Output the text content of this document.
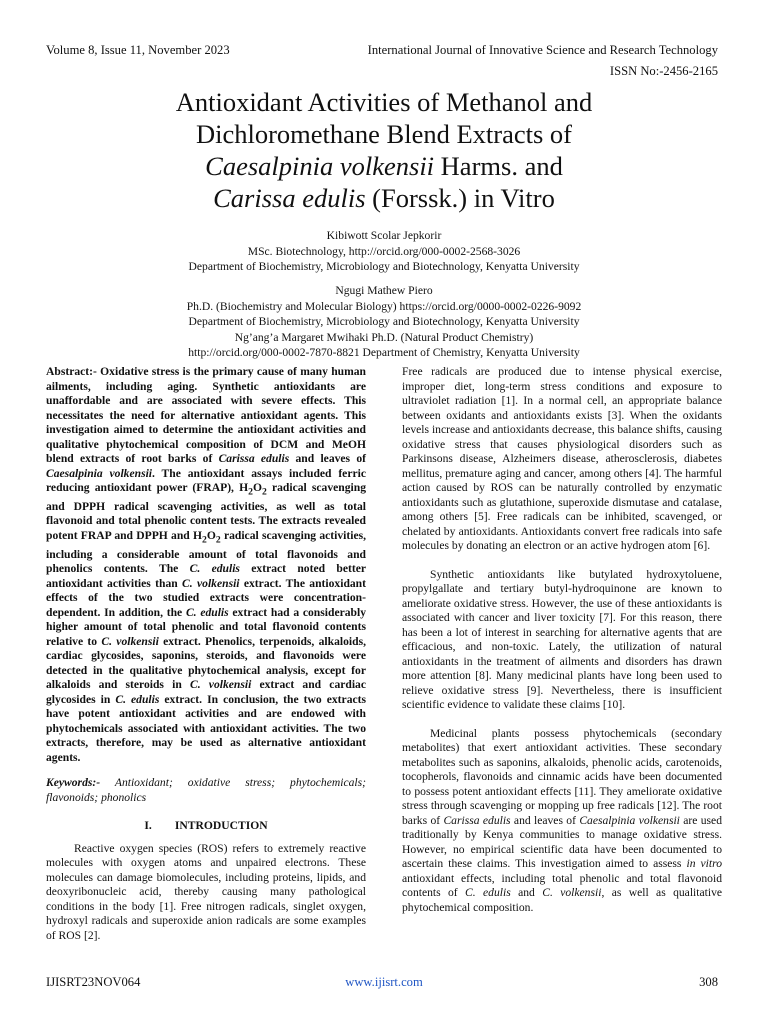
Volume 8, Issue 11, November 2023	International Journal of Innovative Science and Research Technology
ISSN No:-2456-2165
Antioxidant Activities of Methanol and
Dichloromethane Blend Extracts of
Caesalpinia volkensii Harms. and
Carissa edulis (Forssk.) in Vitro
Kibiwott Scolar Jepkorir
MSc. Biotechnology, http://orcid.org/000-0002-2568-3026
Department of Biochemistry, Microbiology and Biotechnology, Kenyatta University
Ngugi Mathew Piero
Ph.D. (Biochemistry and Molecular Biology) https://orcid.org/0000-0002-0226-9092
Department of Biochemistry, Microbiology and Biotechnology, Kenyatta University
Ng’ang’a Margaret Mwihaki Ph.D. (Natural Product Chemistry)
http://orcid.org/000-0002-7870-8821 Department of Chemistry, Kenyatta University

Abstract:- Oxidative stress is the primary cause of many human ailments, including aging. Synthetic antioxidants are unaffordable and are associated with severe effects. This necessitates the need for alternative antioxidant agents. This investigation aimed to determine the antioxidant activities and qualitative phytochemical composition of DCM and MeOH blend extracts of root barks of Carissa edulis and leaves of Caesalpinia volkensii. The antioxidant assays included ferric reducing antioxidant power (FRAP), $H_2O_2$ radical scavenging and DPPH radical scavenging activities, as well as total flavonoid and total phenolic content tests. The extracts revealed potent FRAP and DPPH and $H_2O_2$ radical scavenging activities, including a considerable amount of total flavonoids and phenolics contents. The C. edulis extract noted better antioxidant activities than C. volkensii extract. The antioxidant effects of the two studied extracts were concentration-dependent. In addition, the C. edulis extract had a considerably higher amount of total phenolic and total flavonoid contents relative to C. volkensii extract. Phenolics, terpenoids, alkaloids, cardiac glycosides, saponins, steroids, and flavonoids were detected in the qualitative phytochemical analysis, except for alkaloids and steroids in C. volkensii extract and cardiac glycosides in C. edulis extract. In conclusion, the two extracts have potent antioxidant activities and are endowed with phytochemicals associated with antioxidant activities. The two extracts, therefore, may be used as alternative antioxidant agents.

Keywords:- Antioxidant; oxidative stress; phytochemicals; flavonoids; phonolics

I. INTRODUCTION

Reactive oxygen species (ROS) refers to extremely reactive molecules with oxygen atoms and unpaired electrons. These molecules can damage biomolecules, including proteins, lipids, and deoxyribonucleic acid, thereby causing many pathological conditions in the body [1]. Free nitrogen radicals, singlet oxygen, hydroxyl radicals and superoxide anion radicals are some examples of ROS [2].

Free radicals are produced due to intense physical exercise, improper diet, long-term stress conditions and exposure to ultraviolet radiation [1]. In a normal cell, an appropriate balance between oxidants and antioxidants exists [3]. When the oxidants levels increase and antioxidants decrease, this balance shifts, causing oxidative stress that causes physiological disorders such as Parkinsons disease, Alzheimers disease, atherosclerosis, diabetes mellitus, premature aging and cancer, among others [4]. The harmful action caused by ROS can be naturally controlled by enzymatic antioxidants such as glutathione, superoxide dismutase and catalase, among others [5]. Free radicals can be inhibited, scavenged, or chelated by antioxidants. Antioxidants convert free radicals into safe molecules by donating an electron or an active hydrogen atom [6].

Synthetic antioxidants like butylated hydroxytoluene, propylgallate and tertiary butyl-hydroquinone are known to ameliorate oxidative stress. However, the use of these antioxidants is associated with cancer and liver toxicity [7]. For this reason, there has been a lot of interest in searching for alternative agents that are efficacious, and non-toxic. Lately, the utilization of natural antioxidants in the treatment of ailments and disorders has drawn more attention [8]. Many medicinal plants have long been used to relieve oxidative stress [9]. Nevertheless, there is insufficient scientific evidence to validate these claims [10].

Medicinal plants possess phytochemicals (secondary metabolites) that exert antioxidant activities. These secondary metabolites such as saponins, alkaloids, phenolic acids, carotenoids, tocopherols, flavonoids and cinnamic acids have been documented to possess potent antioxidant effects [11]. They ameliorate oxidative stress through scavenging or mopping up free radicals [12]. The root barks of Carissa edulis and leaves of Caesalpinia volkensii are used traditionally by Kenya communities to manage oxidative stress. However, no empirical scientific data have been documented to ascertain these claims. This investigation aimed to assess in vitro antioxidant effects, including total phenolic and total flavonoid contents of C. edulis and C. volkensii, as well as qualitative phytochemical composition.

IJISRT23NOV064	www.ijisrt.com	308
